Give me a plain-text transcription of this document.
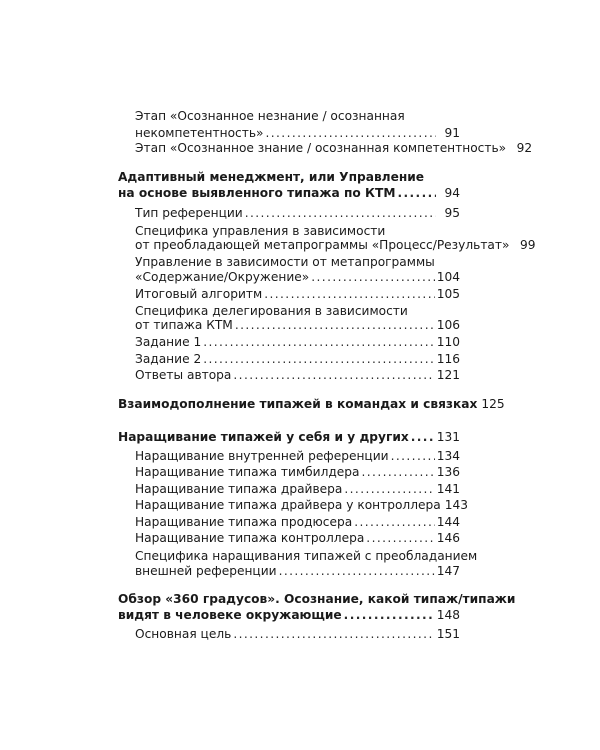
Этап «Осознанное незнание / осознанная
некомпетентность» .....	91
Этап «Осознанное знание / осознанная компетентность» 92
Адаптивный менеджмент, или Управление
на основе выявленного типажа по КТМ .....	94
Тип референции .....	95
Специфика управления в зависимости
от преобладающей метапрограммы «Процесс/Результат» 99
Управление в зависимости от метапрограммы
«Содержание/Окружение» .....	104
Итоговый алгоритм .....	105
Специфика делегирования в зависимости
от типажа КТМ .....	106
Задание 1 .....	110
Задание 2 .....	116
Ответы автора .....	121
Взаимодополнение типажей в командах и связках 125
Наращивание типажей у себя и у других ..... 131
Наращивание внутренней референции .....	134
Наращивание типажа тимбилдера .....	136
Наращивание типажа драйвера .....	141
Наращивание типажа драйвера у контроллера 143
Наращивание типажа продюсера .....	144
Наращивание типажа контроллера .....	146
Специфика наращивания типажей с преобладанием
внешней референции .....	147
Обзор «360 градусов». Осознание, какой типаж/типажи
видят в человеке окружающие .....	148
Основная цель .....	151
